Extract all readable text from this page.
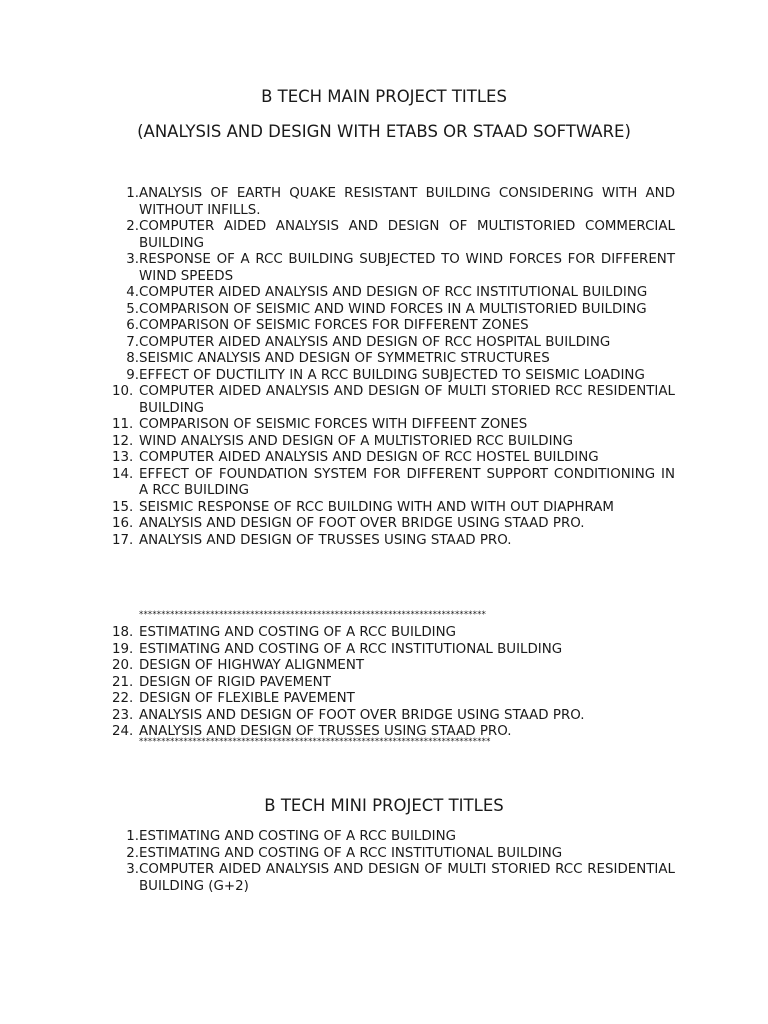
B TECH MAIN PROJECT TITLES
(ANALYSIS AND DESIGN WITH ETABS OR STAAD SOFTWARE)
1. ANALYSIS OF EARTH QUAKE RESISTANT BUILDING CONSIDERING WITH AND WITHOUT INFILLS.
2. COMPUTER AIDED ANALYSIS AND DESIGN OF MULTISTORIED COMMERCIAL BUILDING
3. RESPONSE OF A RCC BUILDING SUBJECTED TO WIND FORCES FOR DIFFERENT WIND SPEEDS
4. COMPUTER AIDED ANALYSIS AND DESIGN OF RCC INSTITUTIONAL BUILDING
5. COMPARISON OF SEISMIC AND WIND FORCES IN A MULTISTORIED BUILDING
6. COMPARISON OF SEISMIC FORCES FOR DIFFERENT ZONES
7. COMPUTER AIDED ANALYSIS AND DESIGN OF RCC HOSPITAL BUILDING
8. SEISMIC ANALYSIS AND DESIGN OF SYMMETRIC STRUCTURES
9. EFFECT OF DUCTILITY IN A RCC BUILDING SUBJECTED TO SEISMIC LOADING
10. COMPUTER AIDED ANALYSIS AND DESIGN OF MULTI STORIED RCC RESIDENTIAL BUILDING
11. COMPARISON OF SEISMIC FORCES WITH DIFFEENT ZONES
12. WIND ANALYSIS AND DESIGN OF A MULTISTORIED RCC BUILDING
13. COMPUTER AIDED ANALYSIS AND DESIGN OF RCC HOSTEL BUILDING
14. EFFECT OF FOUNDATION SYSTEM FOR DIFFERENT SUPPORT CONDITIONING IN A RCC BUILDING
15. SEISMIC RESPONSE OF RCC BUILDING WITH AND WITH OUT DIAPHRAM
16. ANALYSIS AND DESIGN OF FOOT OVER BRIDGE USING STAAD PRO.
17. ANALYSIS AND DESIGN OF TRUSSES USING STAAD PRO.
******************************************************************************
18. ESTIMATING AND COSTING OF A RCC BUILDING
19. ESTIMATING AND COSTING OF A RCC INSTITUTIONAL BUILDING
20. DESIGN OF HIGHWAY ALIGNMENT
21. DESIGN OF RIGID PAVEMENT
22. DESIGN OF FLEXIBLE PAVEMENT
23. ANALYSIS AND DESIGN OF FOOT OVER BRIDGE USING STAAD PRO.
24. ANALYSIS AND DESIGN OF TRUSSES USING STAAD PRO.
*******************************************************************************
B TECH MINI PROJECT TITLES
1. ESTIMATING AND COSTING OF A RCC BUILDING
2. ESTIMATING AND COSTING OF A RCC INSTITUTIONAL BUILDING
3. COMPUTER AIDED ANALYSIS AND DESIGN OF MULTI STORIED RCC RESIDENTIAL BUILDING (G+2)
